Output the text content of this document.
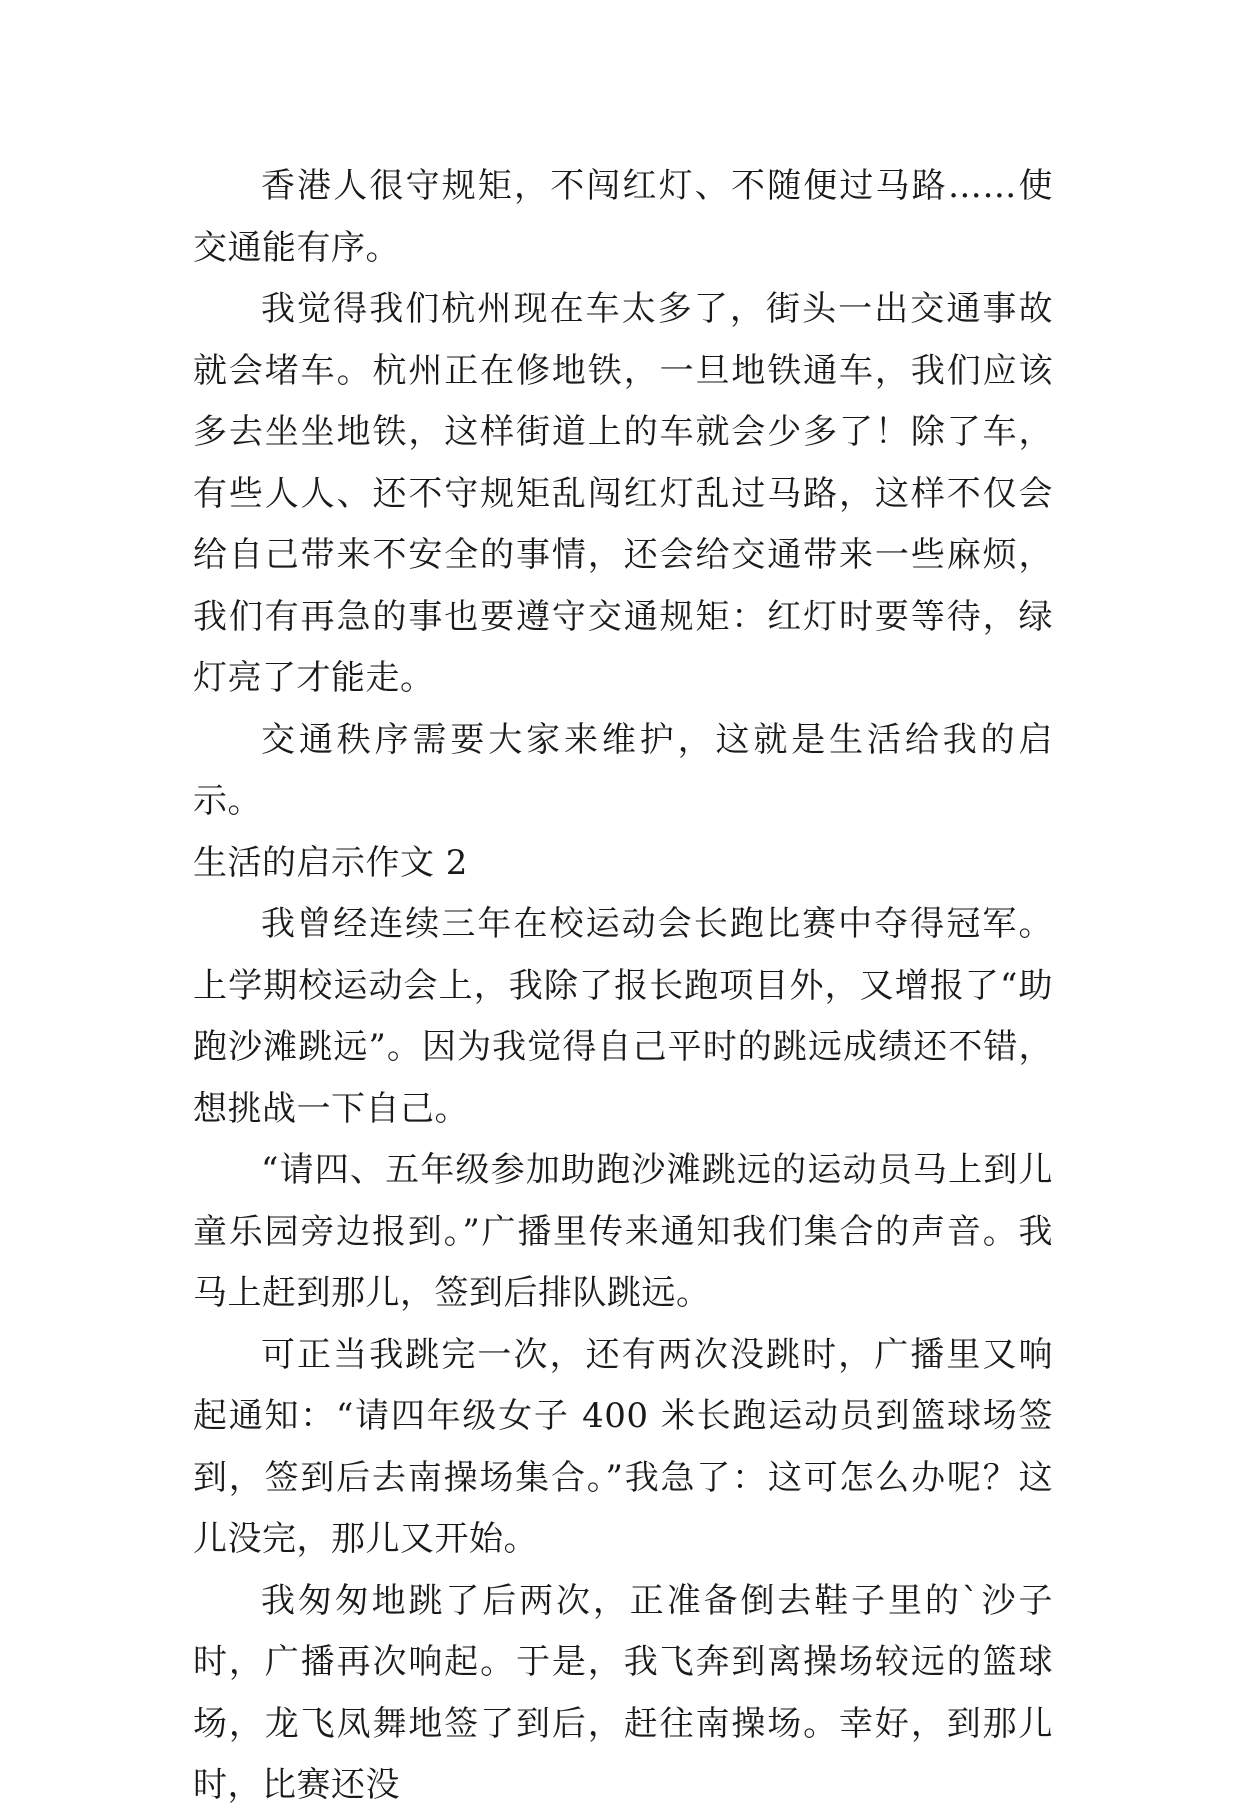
香港人很守规矩，不闯红灯、不随便过马路……使交通能有序。

我觉得我们杭州现在车太多了，街头一出交通事故就会堵车。杭州正在修地铁，一旦地铁通车，我们应该多去坐坐地铁，这样街道上的车就会少多了！除了车，有些人人、还不守规矩乱闯红灯乱过马路，这样不仅会给自己带来不安全的事情，还会给交通带来一些麻烦，我们有再急的事也要遵守交通规矩：红灯时要等待，绿灯亮了才能走。

交通秩序需要大家来维护，这就是生活给我的启示。

生活的启示作文 2

我曾经连续三年在校运动会长跑比赛中夺得冠军。上学期校运动会上，我除了报长跑项目外，又增报了“助跑沙滩跳远”。因为我觉得自己平时的跳远成绩还不错，想挑战一下自己。

“请四、五年级参加助跑沙滩跳远的运动员马上到儿童乐园旁边报到。”广播里传来通知我们集合的声音。我马上赶到那儿，签到后排队跳远。

可正当我跳完一次，还有两次没跳时，广播里又响起通知：“请四年级女子 400 米长跑运动员到篮球场签到，签到后去南操场集合。”我急了：这可怎么办呢？这儿没完，那儿又开始。

我匆匆地跳了后两次，正准备倒去鞋子里的`沙子时，广播再次响起。于是，我飞奔到离操场较远的篮球场，龙飞凤舞地签了到后，赶往南操场。幸好，到那儿时，比赛还没
